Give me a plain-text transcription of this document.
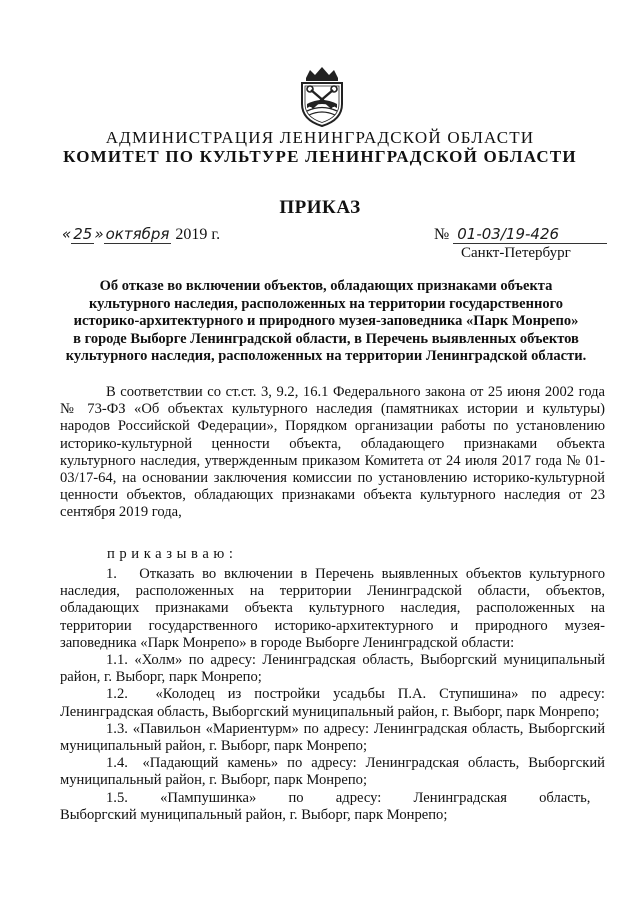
АДМИНИСТРАЦИЯ ЛЕНИНГРАДСКОЙ ОБЛАСТИ
КОМИТЕТ ПО КУЛЬТУРЕ ЛЕНИНГРАДСКОЙ ОБЛАСТИ
ПРИКАЗ
« 25 » октября 2019 г.	№ 01-03/19-426
Санкт-Петербург
Об отказе во включении объектов, обладающих признаками объекта
культурного наследия, расположенных на территории государственного
историко-архитектурного и природного музея-заповедника «Парк Монрепо»
в городе Выборге Ленинградской области, в Перечень выявленных объектов
культурного наследия, расположенных на территории Ленинградской области.

В соответствии со ст.ст. 3, 9.2, 16.1 Федерального закона от 25 июня 2002 года № 73-ФЗ «Об объектах культурного наследия (памятниках истории и культуры) народов Российской Федерации», Порядком организации работы по установлению историко-культурной ценности объекта, обладающего признаками объекта культурного наследия, утвержденным приказом Комитета от 24 июля 2017 года № 01-03/17-64, на основании заключения комиссии по установлению историко-культурной ценности объектов, обладающих признаками объекта культурного наследия от 23 сентября 2019 года,

приказываю:

1.  Отказать во включении в Перечень выявленных объектов культурного наследия, расположенных на территории Ленинградской области, объектов, обладающих признаками объекта культурного наследия, расположенных на территории государственного историко-архитектурного и природного музея-заповедника «Парк Монрепо» в городе Выборге Ленинградской области:

1.1. «Холм» по адресу: Ленинградская область, Выборгский муниципальный район, г. Выборг, парк Монрепо;

1.2.  «Колодец из постройки усадьбы П.А. Ступишина» по адресу: Ленинградская область, Выборгский муниципальный район, г. Выборг, парк Монрепо;

1.3. «Павильон «Мариентурм» по адресу: Ленинградская область, Выборгский муниципальный район, г. Выборг, парк Монрепо;

1.4. «Падающий камень» по адресу: Ленинградская область, Выборгский муниципальный район, г. Выборг, парк Монрепо;

1.5.  «Пампушинка»  по  адресу:  Ленинградская  область,  Выборгский муниципальный район, г. Выборг, парк Монрепо;
